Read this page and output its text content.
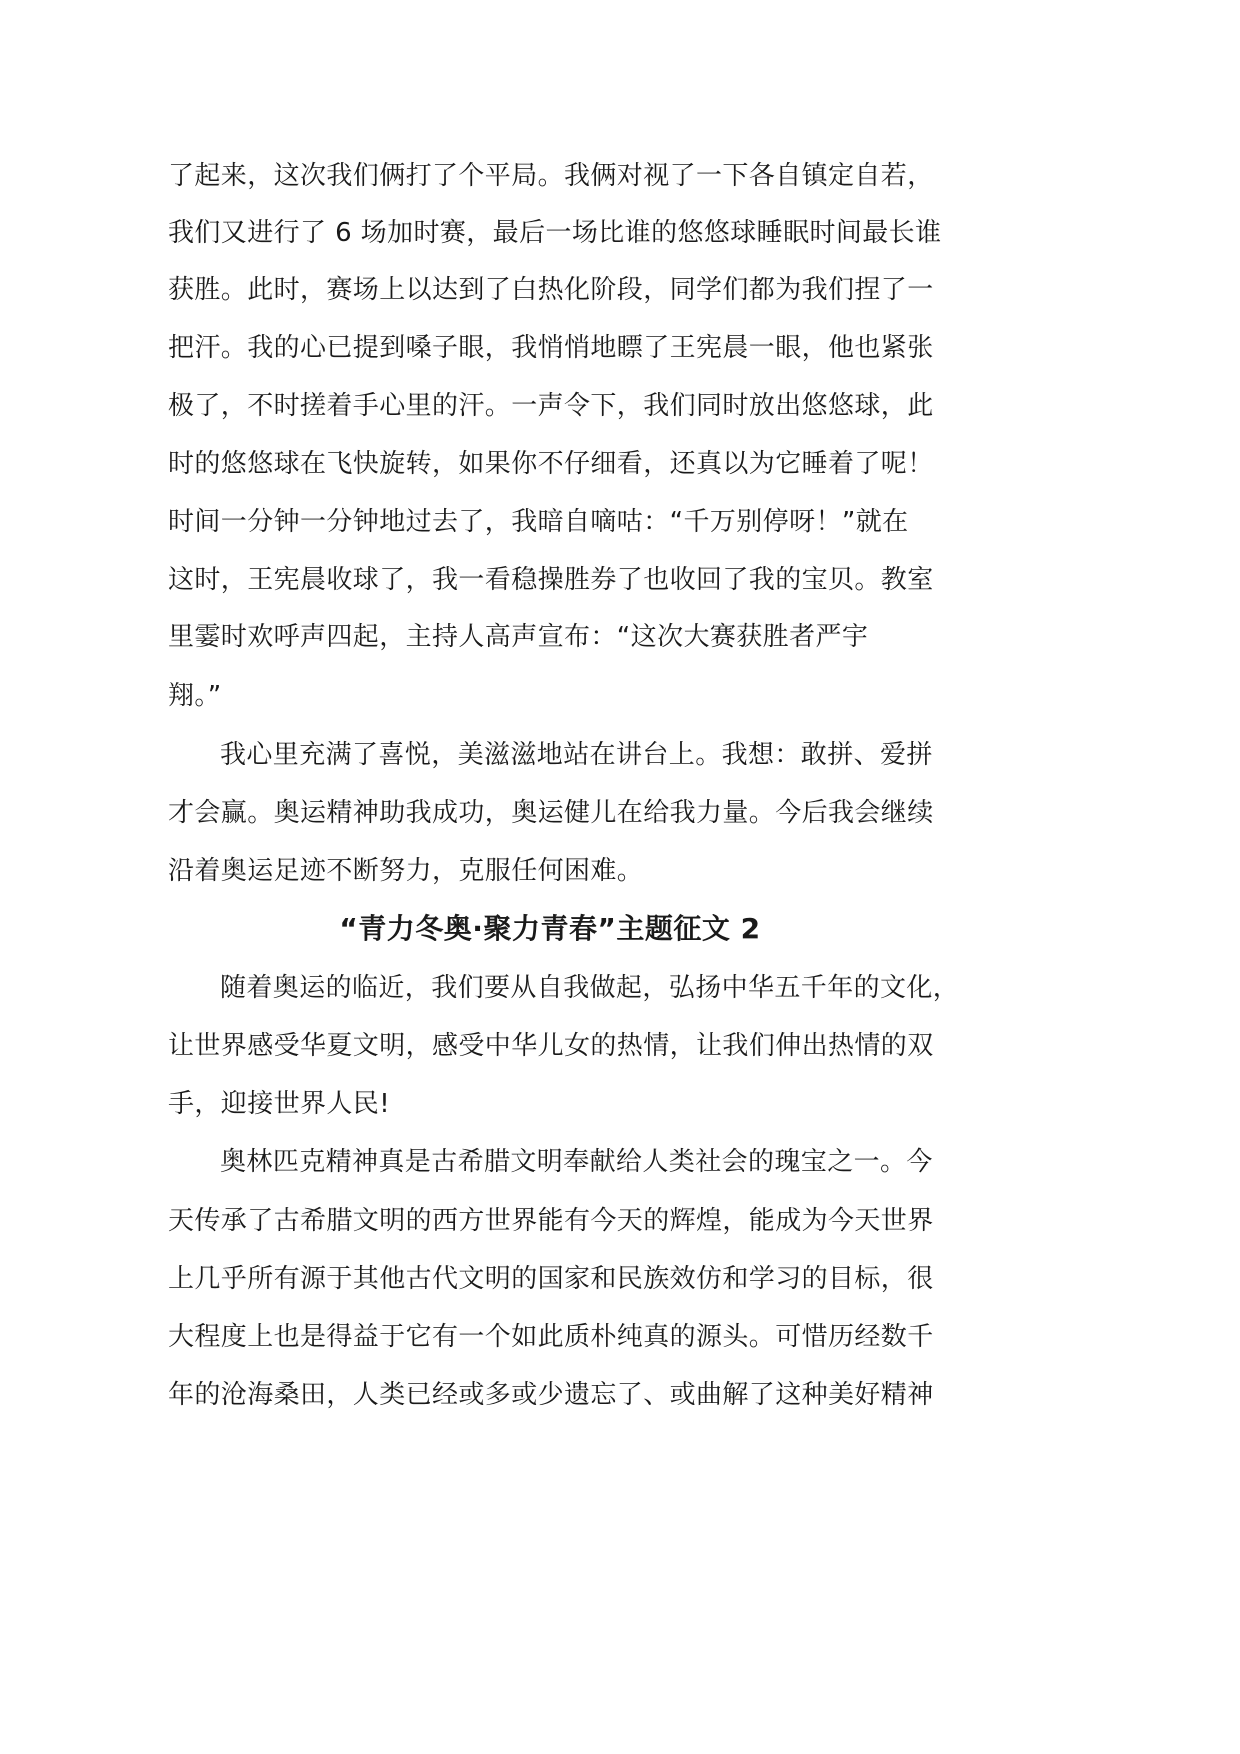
了起来，这次我们俩打了个平局。我俩对视了一下各自镇定自若，
我们又进行了 6 场加时赛，最后一场比谁的悠悠球睡眠时间最长谁
获胜。此时，赛场上以达到了白热化阶段，同学们都为我们捏了一
把汗。我的心已提到嗓子眼，我悄悄地瞟了王宪晨一眼，他也紧张
极了，不时搓着手心里的汗。一声令下，我们同时放出悠悠球，此
时的悠悠球在飞快旋转，如果你不仔细看，还真以为它睡着了呢！
时间一分钟一分钟地过去了，我暗自嘀咕：“千万别停呀！”就在
这时，王宪晨收球了，我一看稳操胜券了也收回了我的宝贝。教室
里霎时欢呼声四起，主持人高声宣布：“这次大赛获胜者严宇
翔。”
我心里充满了喜悦，美滋滋地站在讲台上。我想：敢拼、爱拼
才会赢。奥运精神助我成功，奥运健儿在给我力量。今后我会继续
沿着奥运足迹不断努力，克服任何困难。
“青力冬奥·聚力青春”主题征文 2
随着奥运的临近，我们要从自我做起，弘扬中华五千年的文化，
让世界感受华夏文明，感受中华儿女的热情，让我们伸出热情的双
手，迎接世界人民!
奥林匹克精神真是古希腊文明奉献给人类社会的瑰宝之一。今
天传承了古希腊文明的西方世界能有今天的辉煌，能成为今天世界
上几乎所有源于其他古代文明的国家和民族效仿和学习的目标，很
大程度上也是得益于它有一个如此质朴纯真的源头。可惜历经数千
年的沧海桑田，人类已经或多或少遗忘了、或曲解了这种美好精神
